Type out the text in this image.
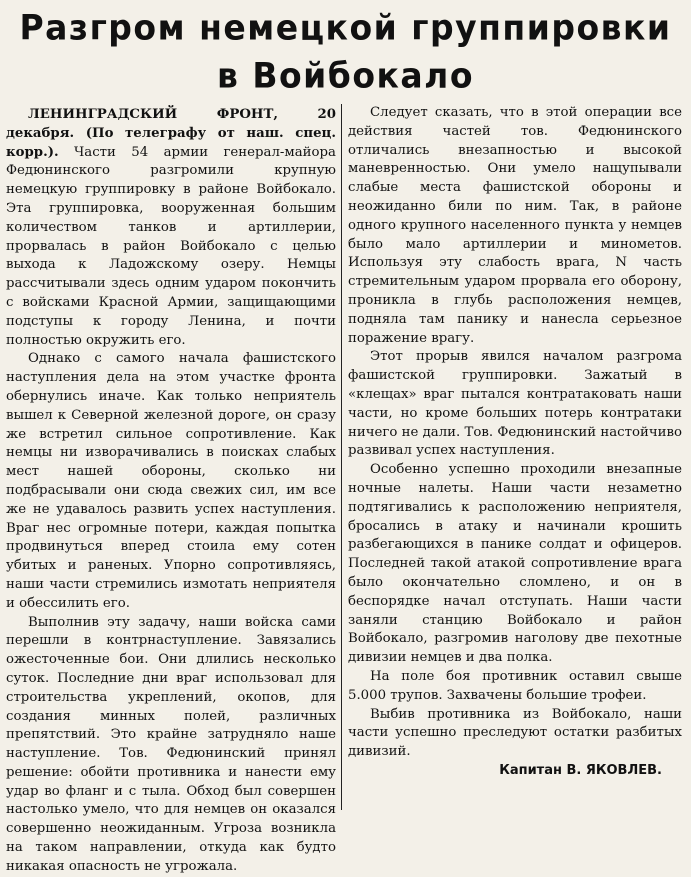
Разгром немецкой группировки
в Войбокало

ЛЕНИНГРАДСКИЙ ФРОНТ, 20 декабря. (По телеграфу от наш. спец. корр.). Части 54 армии генерал-майора Федюнинского разгромили крупную немецкую группировку в районе Войбокало. Эта группировка, вооруженная большим количеством танков и артиллерии, прорвалась в район Войбокало с целью выхода к Ладожскому озеру. Немцы рассчитывали здесь одним ударом покончить с войсками Красной Армии, защищающими подступы к городу Ленина, и почти полностью окружить его.

Однако с самого начала фашистского наступления дела на этом участке фронта обернулись иначе. Как только неприятель вышел к Северной железной дороге, он сразу же встретил сильное сопротивление. Как немцы ни изворачивались в поисках слабых мест нашей обороны, сколько ни подбрасывали они сюда свежих сил, им все же не удавалось развить успех наступления. Враг нес огромные потери, каждая попытка продвинуться вперед стоила ему сотен убитых и раненых. Упорно сопротивляясь, наши части стремились измотать неприятеля и обессилить его.

Выполнив эту задачу, наши войска сами перешли в контрнаступление. Завязались ожесточенные бои. Они длились несколько суток. Последние дни враг использовал для строительства укреплений, окопов, для создания минных полей, различных препятствий. Это крайне затрудняло наше наступление. Тов. Федюнинский принял решение: обойти противника и нанести ему удар во фланг и с тыла. Обход был совершен настолько умело, что для немцев он оказался совершенно неожиданным. Угроза возникла на таком направлении, откуда как будто никакая опасность не угрожала.

Следует сказать, что в этой операции все действия частей тов. Федюнинского отличались внезапностью и высокой маневренностью. Они умело нащупывали слабые места фашистской обороны и неожиданно били по ним. Так, в районе одного крупного населенного пункта у немцев было мало артиллерии и минометов. Используя эту слабость врага, N часть стремительным ударом прорвала его оборону, проникла в глубь расположения немцев, подняла там панику и нанесла серьезное поражение врагу.

Этот прорыв явился началом разгрома фашистской группировки. Зажатый в «клещах» враг пытался контратаковать наши части, но кроме больших потерь контратаки ничего не дали. Тов. Федюнинский настойчиво развивал успех наступления.

Особенно успешно проходили внезапные ночные налеты. Наши части незаметно подтягивались к расположению неприятеля, бросались в атаку и начинали крошить разбегающихся в панике солдат и офицеров. Последней такой атакой сопротивление врага было окончательно сломлено, и он в беспорядке начал отступать. Наши части заняли станцию Войбокало и район Войбокало, разгромив наголову две пехотные дивизии немцев и два полка.

На поле боя противник оставил свыше 5.000 трупов. Захвачены большие трофеи.

Выбив противника из Войбокало, наши части успешно преследуют остатки разбитых дивизий.

Капитан В. ЯКОВЛЕВ.
